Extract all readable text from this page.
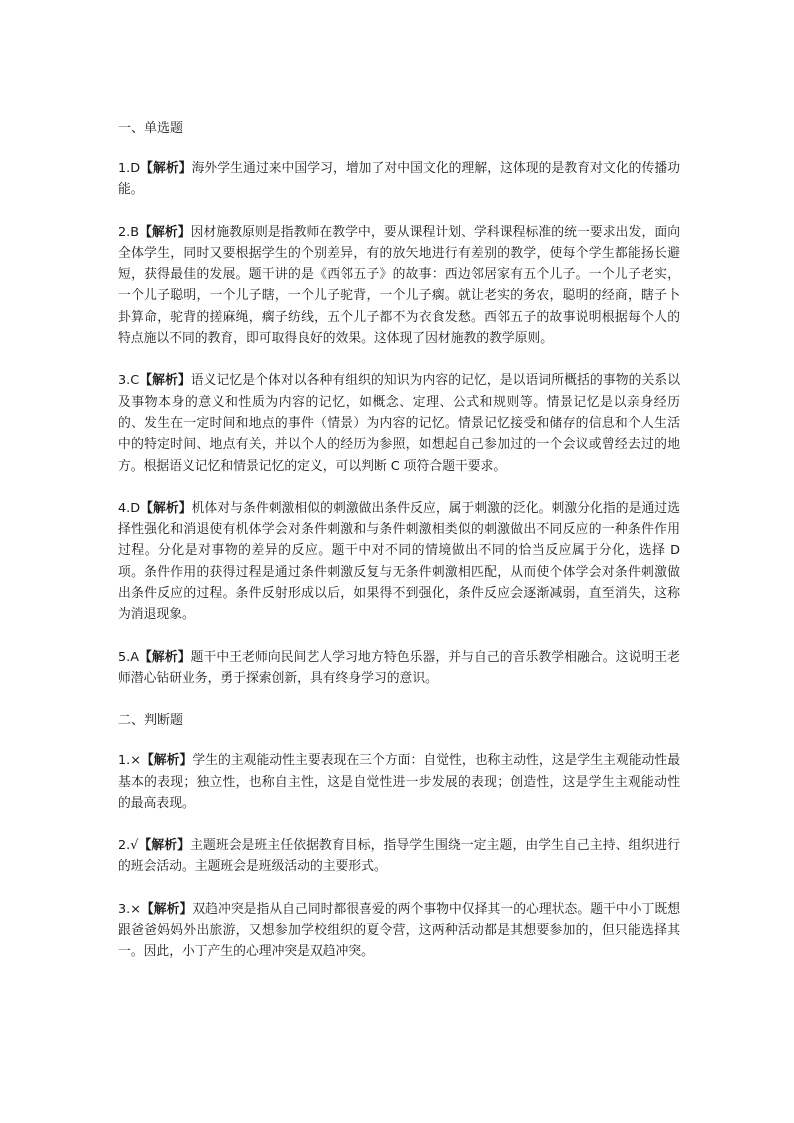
一、单选题

1.D【解析】海外学生通过来中国学习，增加了对中国文化的理解，这体现的是教育对文化的传播功能。

2.B【解析】因材施教原则是指教师在教学中，要从课程计划、学科课程标准的统一要求出发，面向全体学生，同时又要根据学生的个别差异，有的放矢地进行有差别的教学，使每个学生都能扬长避短，获得最佳的发展。题干讲的是《西邻五子》的故事：西边邻居家有五个儿子。一个儿子老实，一个儿子聪明，一个儿子瞎，一个儿子驼背，一个儿子瘸。就让老实的务农，聪明的经商，瞎子卜卦算命，驼背的搓麻绳，瘸子纺线，五个儿子都不为衣食发愁。西邻五子的故事说明根据每个人的特点施以不同的教育，即可取得良好的效果。这体现了因材施教的教学原则。

3.C【解析】语义记忆是个体对以各种有组织的知识为内容的记忆，是以语词所概括的事物的关系以及事物本身的意义和性质为内容的记忆，如概念、定理、公式和规则等。情景记忆是以亲身经历的、发生在一定时间和地点的事件（情景）为内容的记忆。情景记忆接受和储存的信息和个人生活中的特定时间、地点有关，并以个人的经历为参照，如想起自己参加过的一个会议或曾经去过的地方。根据语义记忆和情景记忆的定义，可以判断 C 项符合题干要求。

4.D【解析】机体对与条件刺激相似的刺激做出条件反应，属于刺激的泛化。刺激分化指的是通过选择性强化和消退使有机体学会对条件刺激和与条件刺激相类似的刺激做出不同反应的一种条件作用过程。分化是对事物的差异的反应。题干中对不同的情境做出不同的恰当反应属于分化，选择 D 项。条件作用的获得过程是通过条件刺激反复与无条件刺激相匹配，从而使个体学会对条件刺激做出条件反应的过程。条件反射形成以后，如果得不到强化，条件反应会逐渐减弱，直至消失，这称为消退现象。

5.A【解析】题干中王老师向民间艺人学习地方特色乐器，并与自己的音乐教学相融合。这说明王老师潜心钻研业务，勇于探索创新，具有终身学习的意识。

二、判断题

1.×【解析】学生的主观能动性主要表现在三个方面：自觉性，也称主动性，这是学生主观能动性最基本的表现；独立性，也称自主性，这是自觉性进一步发展的表现；创造性，这是学生主观能动性的最高表现。

2.√【解析】主题班会是班主任依据教育目标，指导学生围绕一定主题，由学生自己主持、组织进行的班会活动。主题班会是班级活动的主要形式。

3.×【解析】双趋冲突是指从自己同时都很喜爱的两个事物中仅择其一的心理状态。题干中小丁既想跟爸爸妈妈外出旅游，又想参加学校组织的夏令营，这两种活动都是其想要参加的，但只能选择其一。因此，小丁产生的心理冲突是双趋冲突。
